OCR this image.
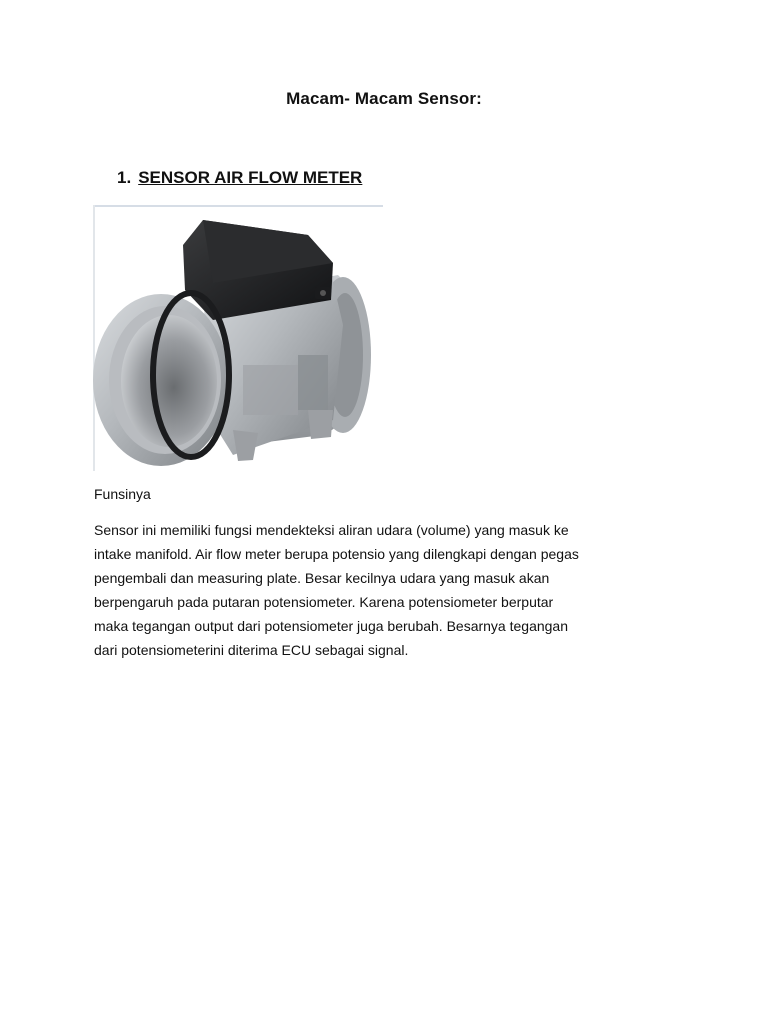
Macam- Macam Sensor:
1. SENSOR AIR FLOW METER
Funsinya
Sensor ini memiliki fungsi mendekteksi aliran udara (volume) yang masuk ke
intake manifold. Air flow meter berupa potensio yang dilengkapi dengan pegas
pengembali dan measuring plate. Besar kecilnya udara yang masuk akan
berpengaruh pada putaran potensiometer. Karena potensiometer berputar
maka tegangan output dari potensiometer juga berubah. Besarnya tegangan
dari potensiometerini diterima ECU sebagai signal.
